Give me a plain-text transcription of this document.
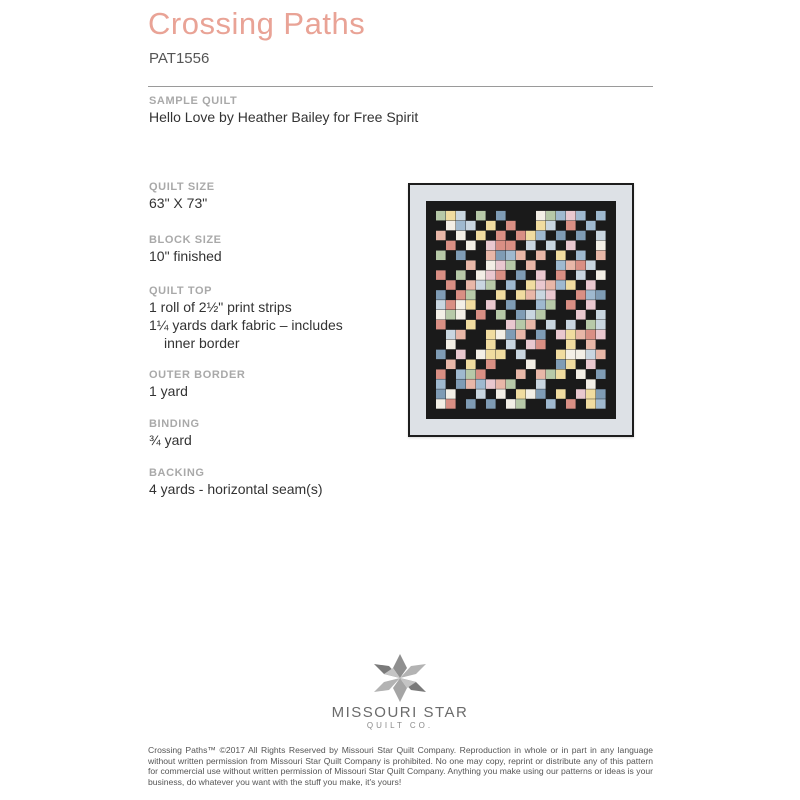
Crossing Paths
PAT1556
SAMPLE QUILT
Hello Love by Heather Bailey for Free Spirit
QUILT SIZE
63" X 73"
BLOCK SIZE
10" finished
QUILT TOP
1 roll of 2½" print strips
1¼ yards dark fabric – includes
inner border
OUTER BORDER
1 yard
BINDING
¾ yard
BACKING
4 yards - horizontal seam(s)
MISSOURI STAR
QUILT CO.
Crossing Paths™ ©2017 All Rights Reserved by Missouri Star Quilt Company. Reproduction in whole or in part in any language without written permission from Missouri Star Quilt Company is prohibited. No one may copy, reprint or distribute any of this pattern for commercial use without written permission of Missouri Star Quilt Company. Anything you make using our patterns or ideas is your business, do whatever you want with the stuff you make, it's yours!
